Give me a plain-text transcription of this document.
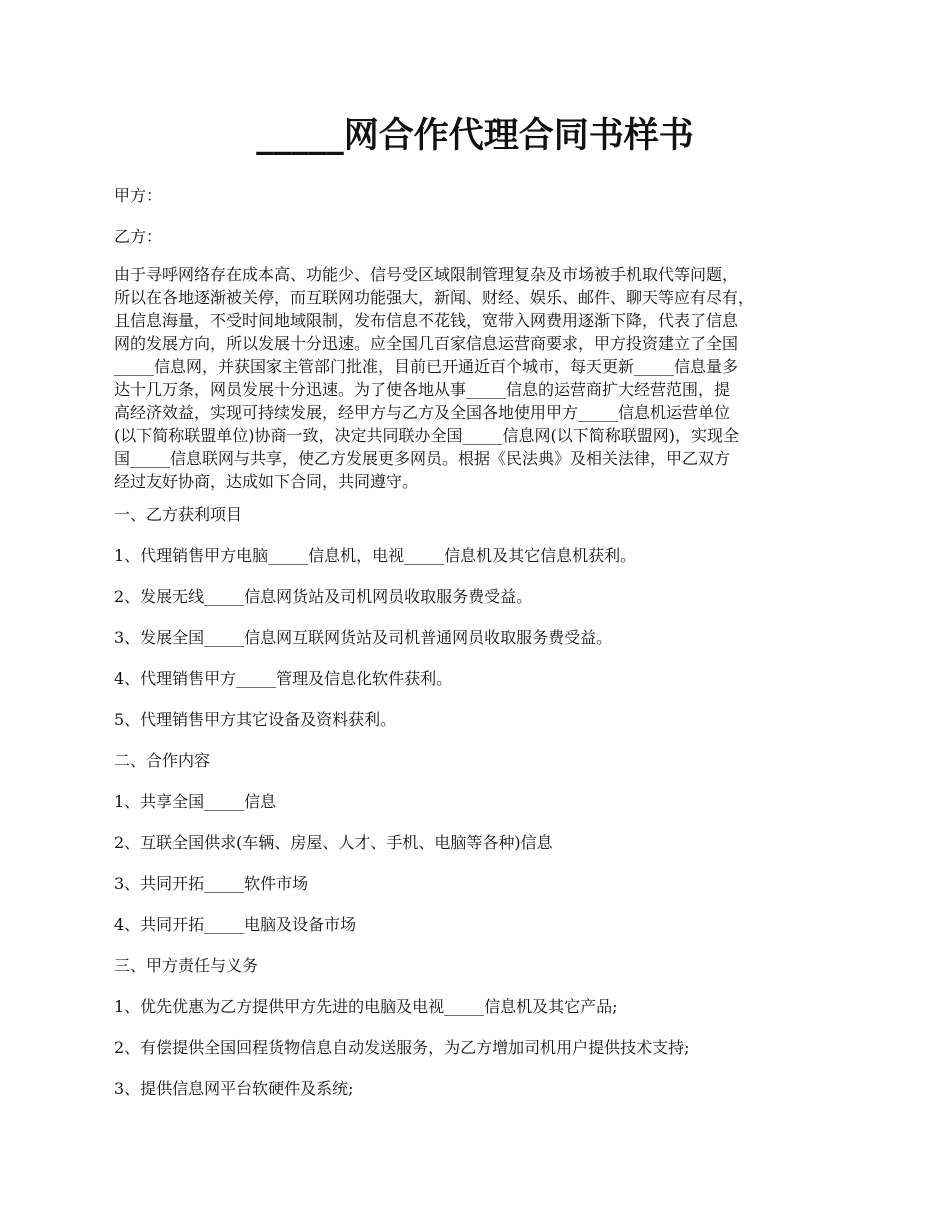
_____网合作代理合同书样书
甲方：
乙方：
由于寻呼网络存在成本高、功能少、信号受区域限制管理复杂及市场被手机取代等问题，
所以在各地逐渐被关停，而互联网功能强大，新闻、财经、娱乐、邮件、聊天等应有尽有，
且信息海量，不受时间地域限制，发布信息不花钱，宽带入网费用逐渐下降，代表了信息
网的发展方向，所以发展十分迅速。应全国几百家信息运营商要求，甲方投资建立了全国
_____信息网，并获国家主管部门批准，目前已开通近百个城市，每天更新_____信息量多
达十几万条，网员发展十分迅速。为了使各地从事_____信息的运营商扩大经营范围，提
高经济效益，实现可持续发展，经甲方与乙方及全国各地使用甲方_____信息机运营单位
(以下简称联盟单位)协商一致，决定共同联办全国_____信息网(以下简称联盟网)，实现全
国_____信息联网与共享，使乙方发展更多网员。根据《民法典》及相关法律，甲乙双方
经过友好协商，达成如下合同，共同遵守。
一、乙方获利项目
1、代理销售甲方电脑_____信息机，电视_____信息机及其它信息机获利。
2、发展无线_____信息网货站及司机网员收取服务费受益。
3、发展全国_____信息网互联网货站及司机普通网员收取服务费受益。
4、代理销售甲方_____管理及信息化软件获利。
5、代理销售甲方其它设备及资料获利。
二、合作内容
1、共享全国_____信息
2、互联全国供求(车辆、房屋、人才、手机、电脑等各种)信息
3、共同开拓_____软件市场
4、共同开拓_____电脑及设备市场
三、甲方责任与义务
1、优先优惠为乙方提供甲方先进的电脑及电视_____信息机及其它产品;
2、有偿提供全国回程货物信息自动发送服务，为乙方增加司机用户提供技术支持;
3、提供信息网平台软硬件及系统;
